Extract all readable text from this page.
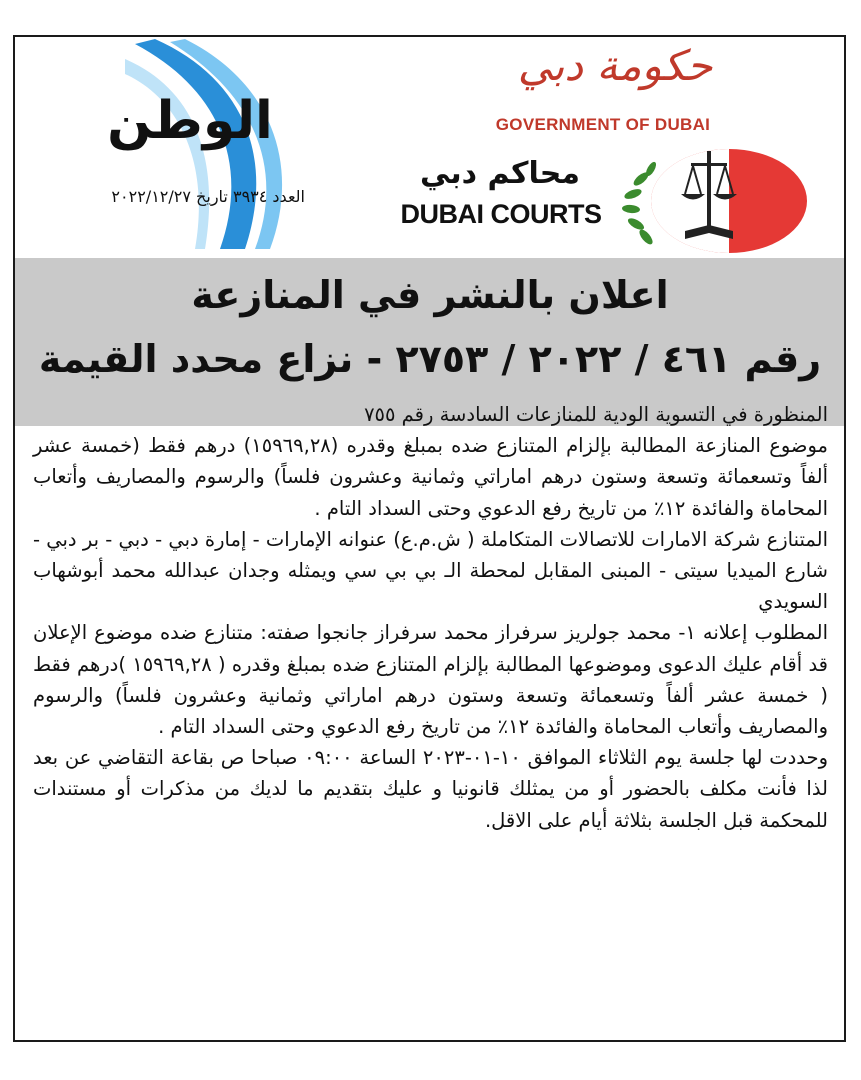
الوطن
العدد ٣٩٣٤ تاريخ ٢٠٢٢/١٢/٢٧
حكومة دبي
GOVERNMENT OF DUBAI
محاكم دبي
DUBAI COURTS
اعلان بالنشر في المنازعة
رقم ٤٦١ / ٢٠٢٢ / ٢٧٥٣ - نزاع محدد القيمة

المنظورة في التسوية الودية للمنازعات السادسة رقم ٧٥٥

موضوع المنازعة المطالبة بإلزام المتنازع ضده بمبلغ وقدره (١٥٩٦٩,٢٨) درهم فقط (خمسة عشر ألفاً وتسعمائة وتسعة وستون درهم اماراتي وثمانية وعشرون فلساً) والرسوم والمصاريف وأتعاب المحاماة والفائدة ١٢٪ من تاريخ رفع الدعوي وحتى السداد التام .

المتنازع شركة الامارات للاتصالات المتكاملة ( ش.م.ع) عنوانه الإمارات - إمارة دبي - دبي - بر دبي - شارع الميديا سيتى - المبنى المقابل لمحطة الـ بي بي سي ويمثله وجدان عبدالله محمد أبوشهاب السويدي

المطلوب إعلانه ١- محمد جولريز سرفراز محمد سرفراز جانجوا صفته: متنازع ضده موضوع الإعلان قد أقام عليك الدعوى وموضوعها المطالبة بإلزام المتنازع ضده بمبلغ وقدره ( ١٥٩٦٩,٢٨ )درهم فقط ( خمسة عشر ألفاً وتسعمائة وتسعة وستون درهم اماراتي وثمانية وعشرون فلساً) والرسوم والمصاريف وأتعاب المحاماة والفائدة ١٢٪ من تاريخ رفع الدعوي وحتى السداد التام .

وحددت لها جلسة يوم الثلاثاء الموافق ١٠-٠١-٢٠٢٣ الساعة ٠٩:٠٠ صباحا ص بقاعة التقاضي عن بعد لذا فأنت مكلف بالحضور أو من يمثلك قانونيا و عليك بتقديم ما لديك من مذكرات أو مستندات للمحكمة قبل الجلسة بثلاثة أيام على الاقل.
